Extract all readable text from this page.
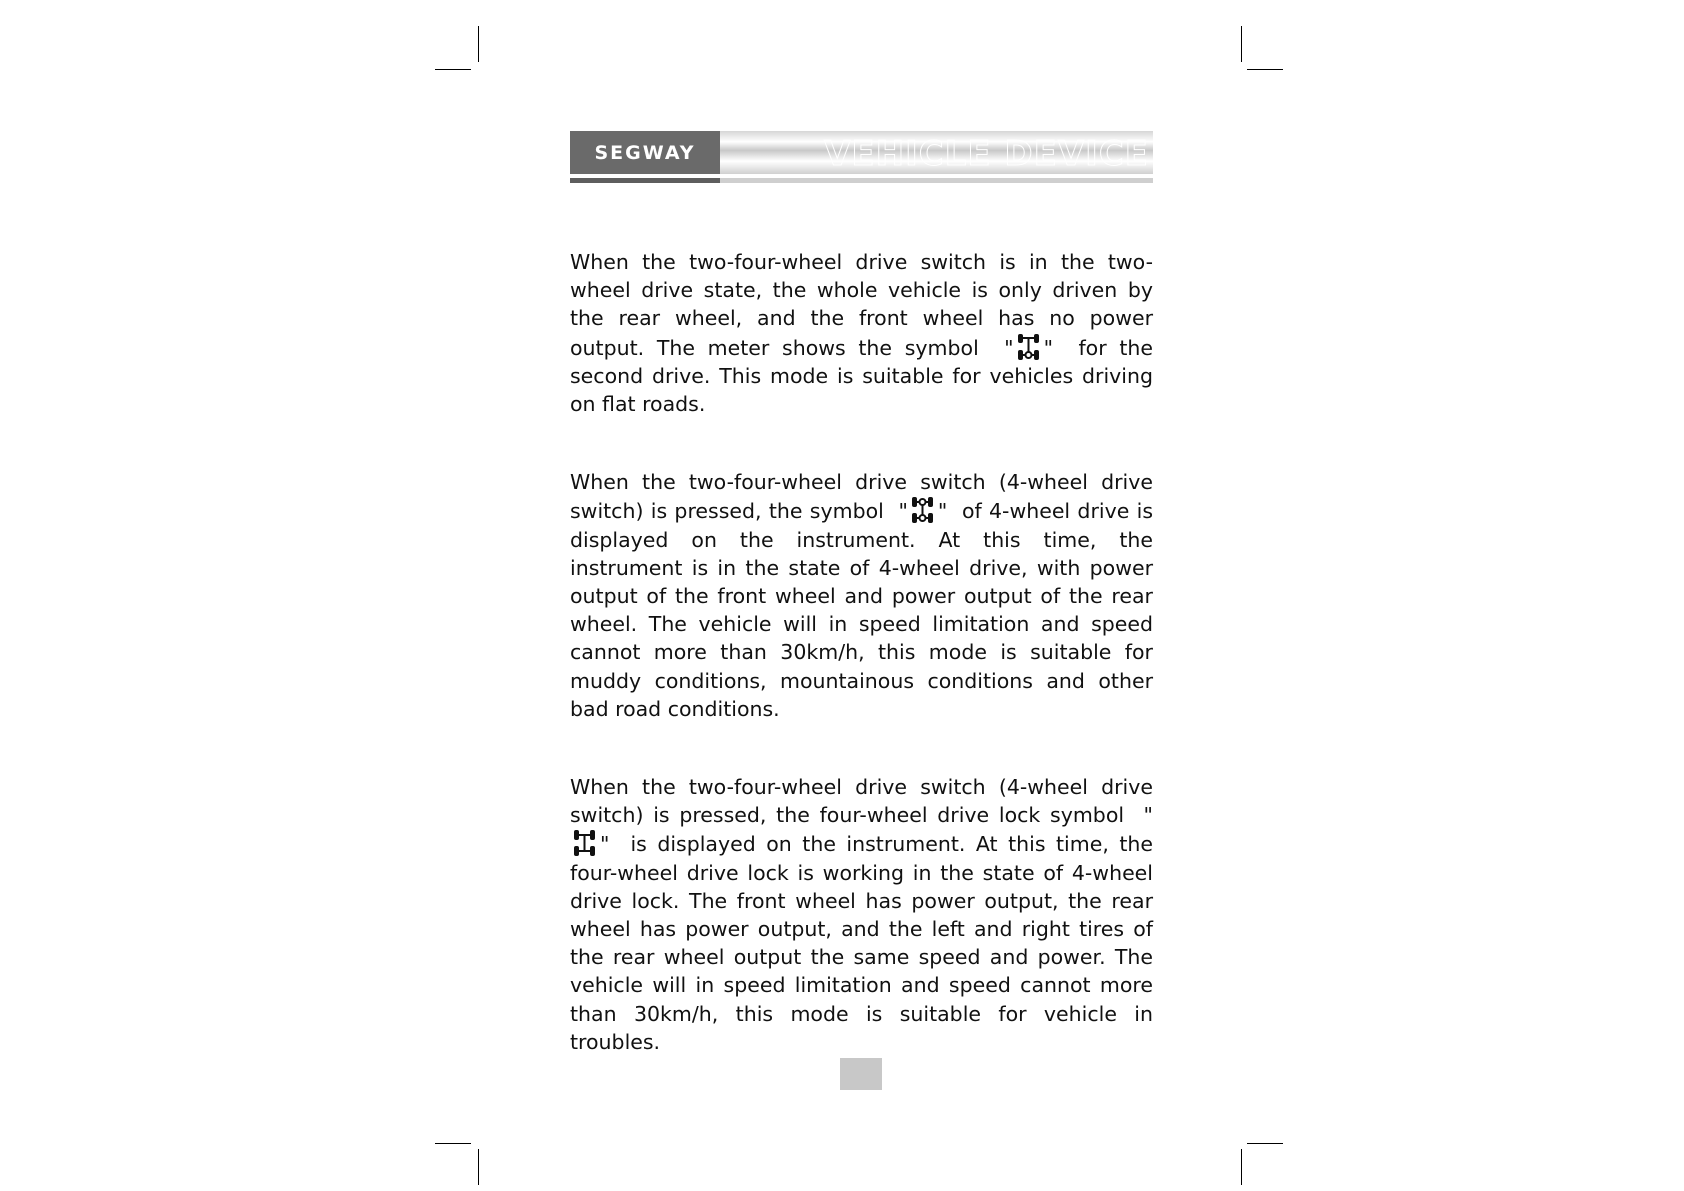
SEGWAY	VEHICLE DEVICE

When the two-four-wheel drive switch is in the two-wheel drive state, the whole vehicle is only driven by the rear wheel, and the front wheel has no power output. The meter shows the symbol  " "  for the second drive. This mode is suitable for vehicles driving on flat roads.

When the two-four-wheel drive switch (4-wheel drive switch) is pressed, the symbol  " "  of 4-wheel drive is displayed on the instrument. At this time, the instrument is in the state of 4-wheel drive, with power output of the front wheel and power output of the rear wheel. The vehicle will in speed limitation and speed cannot more than 30km/h, this mode is suitable for muddy conditions, mountainous conditions and other bad road conditions.

When the two-four-wheel drive switch (4-wheel drive switch) is pressed, the four-wheel drive lock symbol  ""  is displayed on the instrument. At this time, the four-wheel drive lock is working in the state of 4-wheel drive lock. The front wheel has power output, the rear wheel has power output, and the left and right tires of the rear wheel output the same speed and power. The vehicle will in speed limitation and speed cannot more than 30km/h, this mode is suitable for vehicle in troubles.
